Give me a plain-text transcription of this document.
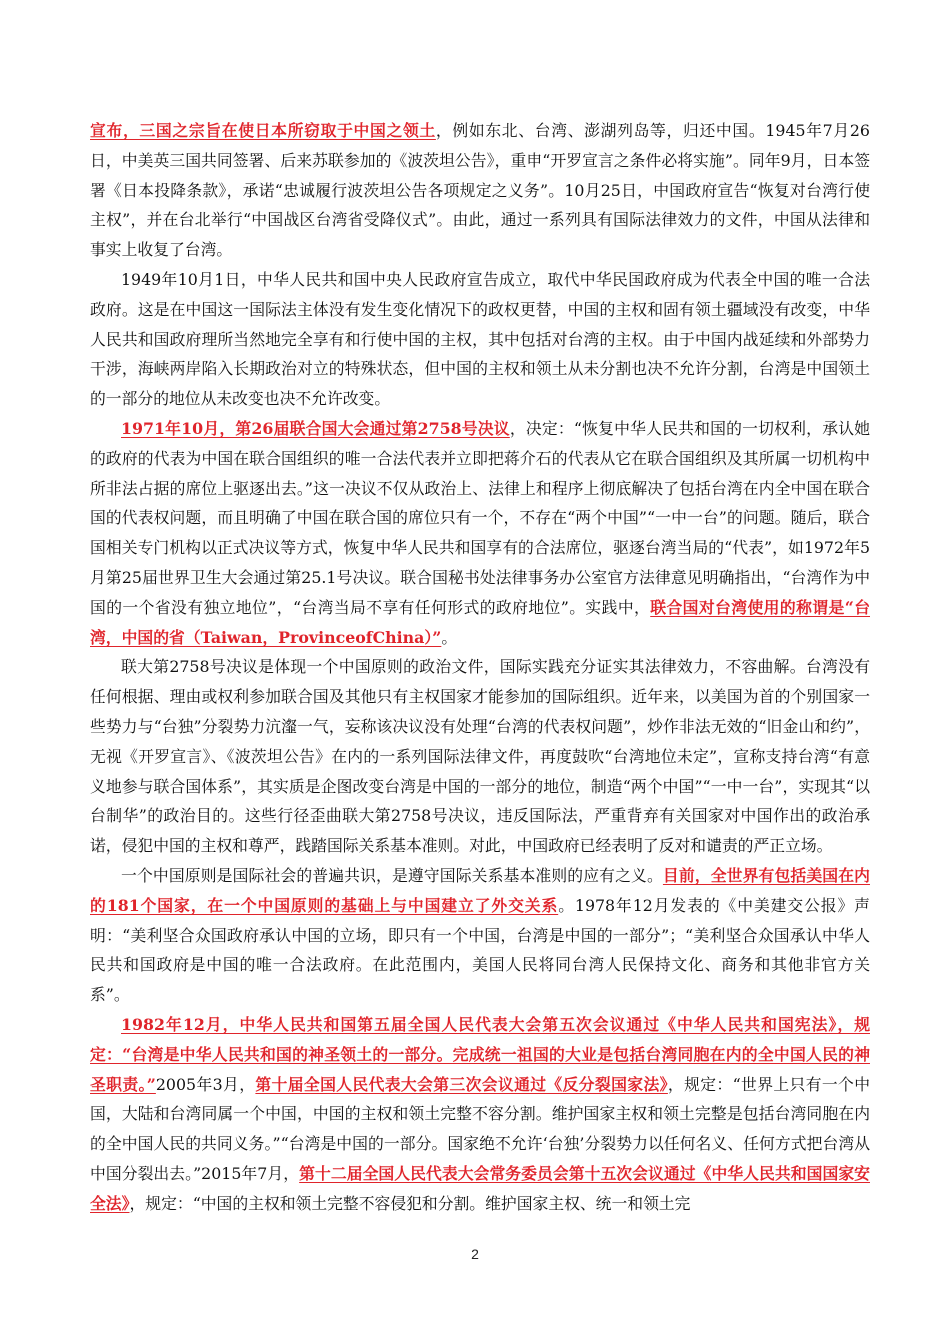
宣布，三国之宗旨在使日本所窃取于中国之领土，例如东北、台湾、澎湖列岛等，归还中国。1945年7月26日，中美英三国共同签署、后来苏联参加的《波茨坦公告》，重申“开罗宣言之条件必将实施”。同年9月，日本签署《日本投降条款》，承诺“忠诚履行波茨坦公告各项规定之义务”。10月25日，中国政府宣告“恢复对台湾行使主权”，并在台北举行“中国战区台湾省受降仪式”。由此，通过一系列具有国际法律效力的文件，中国从法律和事实上收复了台湾。

1949年10月1日，中华人民共和国中央人民政府宣告成立，取代中华民国政府成为代表全中国的唯一合法政府。这是在中国这一国际法主体没有发生变化情况下的政权更替，中国的主权和固有领土疆域没有改变，中华人民共和国政府理所当然地完全享有和行使中国的主权，其中包括对台湾的主权。由于中国内战延续和外部势力干涉，海峡两岸陷入长期政治对立的特殊状态，但中国的主权和领土从未分割也决不允许分割，台湾是中国领土的一部分的地位从未改变也决不允许改变。

1971年10月，第26届联合国大会通过第2758号决议，决定：“恢复中华人民共和国的一切权利，承认她的政府的代表为中国在联合国组织的唯一合法代表并立即把蒋介石的代表从它在联合国组织及其所属一切机构中所非法占据的席位上驱逐出去。”这一决议不仅从政治上、法律上和程序上彻底解决了包括台湾在内全中国在联合国的代表权问题，而且明确了中国在联合国的席位只有一个，不存在“两个中国”“一中一台”的问题。随后，联合国相关专门机构以正式决议等方式，恢复中华人民共和国享有的合法席位，驱逐台湾当局的“代表”，如1972年5月第25届世界卫生大会通过第25.1号决议。联合国秘书处法律事务办公室官方法律意见明确指出，“台湾作为中国的一个省没有独立地位”，“台湾当局不享有任何形式的政府地位”。实践中，联合国对台湾使用的称谓是“台湾，中国的省（Taiwan，ProvinceofChina）”。

联大第2758号决议是体现一个中国原则的政治文件，国际实践充分证实其法律效力，不容曲解。台湾没有任何根据、理由或权利参加联合国及其他只有主权国家才能参加的国际组织。近年来，以美国为首的个别国家一些势力与“台独”分裂势力沆瀣一气，妄称该决议没有处理“台湾的代表权问题”，炒作非法无效的“旧金山和约”，无视《开罗宣言》、《波茨坦公告》在内的一系列国际法律文件，再度鼓吹“台湾地位未定”，宣称支持台湾“有意义地参与联合国体系”，其实质是企图改变台湾是中国的一部分的地位，制造“两个中国”“一中一台”，实现其“以台制华”的政治目的。这些行径歪曲联大第2758号决议，违反国际法，严重背弃有关国家对中国作出的政治承诺，侵犯中国的主权和尊严，践踏国际关系基本准则。对此，中国政府已经表明了反对和谴责的严正立场。

一个中国原则是国际社会的普遍共识，是遵守国际关系基本准则的应有之义。目前，全世界有包括美国在内的181个国家，在一个中国原则的基础上与中国建立了外交关系。1978年12月发表的《中美建交公报》声明：“美利坚合众国政府承认中国的立场，即只有一个中国，台湾是中国的一部分”；“美利坚合众国承认中华人民共和国政府是中国的唯一合法政府。在此范围内，美国人民将同台湾人民保持文化、商务和其他非官方关系”。

1982年12月，中华人民共和国第五届全国人民代表大会第五次会议通过《中华人民共和国宪法》，规定：“台湾是中华人民共和国的神圣领土的一部分。完成统一祖国的大业是包括台湾同胞在内的全中国人民的神圣职责。”2005年3月，第十届全国人民代表大会第三次会议通过《反分裂国家法》，规定：“世界上只有一个中国，大陆和台湾同属一个中国，中国的主权和领土完整不容分割。维护国家主权和领土完整是包括台湾同胞在内的全中国人民的共同义务。”“台湾是中国的一部分。国家绝不允许‘台独’分裂势力以任何名义、任何方式把台湾从中国分裂出去。”2015年7月，第十二届全国人民代表大会常务委员会第十五次会议通过《中华人民共和国国家安全法》，规定：“中国的主权和领土完整不容侵犯和分割。维护国家主权、统一和领土完

2
